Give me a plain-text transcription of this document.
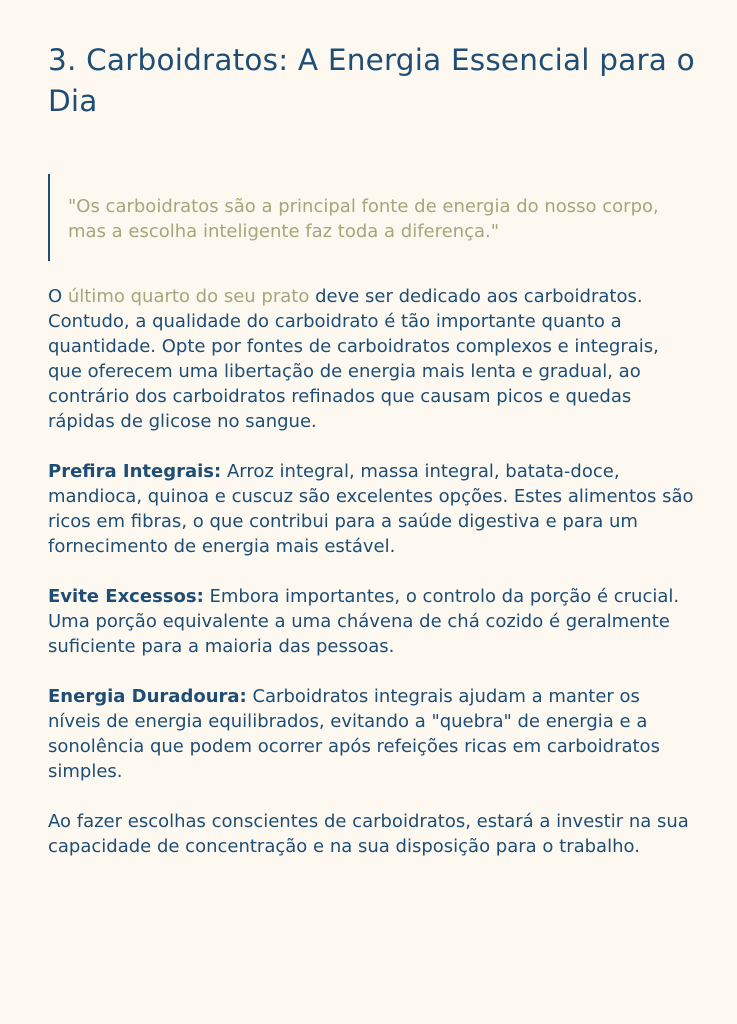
3. Carboidratos: A Energia Essencial para o Dia
"Os carboidratos são a principal fonte de energia do nosso corpo, mas a escolha inteligente faz toda a diferença."

O último quarto do seu prato deve ser dedicado aos carboidratos. Contudo, a qualidade do carboidrato é tão importante quanto a quantidade. Opte por fontes de carboidratos complexos e integrais, que oferecem uma libertação de energia mais lenta e gradual, ao contrário dos carboidratos refinados que causam picos e quedas rápidas de glicose no sangue.

Prefira Integrais: Arroz integral, massa integral, batata-doce, mandioca, quinoa e cuscuz são excelentes opções. Estes alimentos são ricos em fibras, o que contribui para a saúde digestiva e para um fornecimento de energia mais estável.

Evite Excessos: Embora importantes, o controlo da porção é crucial. Uma porção equivalente a uma chávena de chá cozido é geralmente suficiente para a maioria das pessoas.

Energia Duradoura: Carboidratos integrais ajudam a manter os níveis de energia equilibrados, evitando a "quebra" de energia e a sonolência que podem ocorrer após refeições ricas em carboidratos simples.

Ao fazer escolhas conscientes de carboidratos, estará a investir na sua capacidade de concentração e na sua disposição para o trabalho.
